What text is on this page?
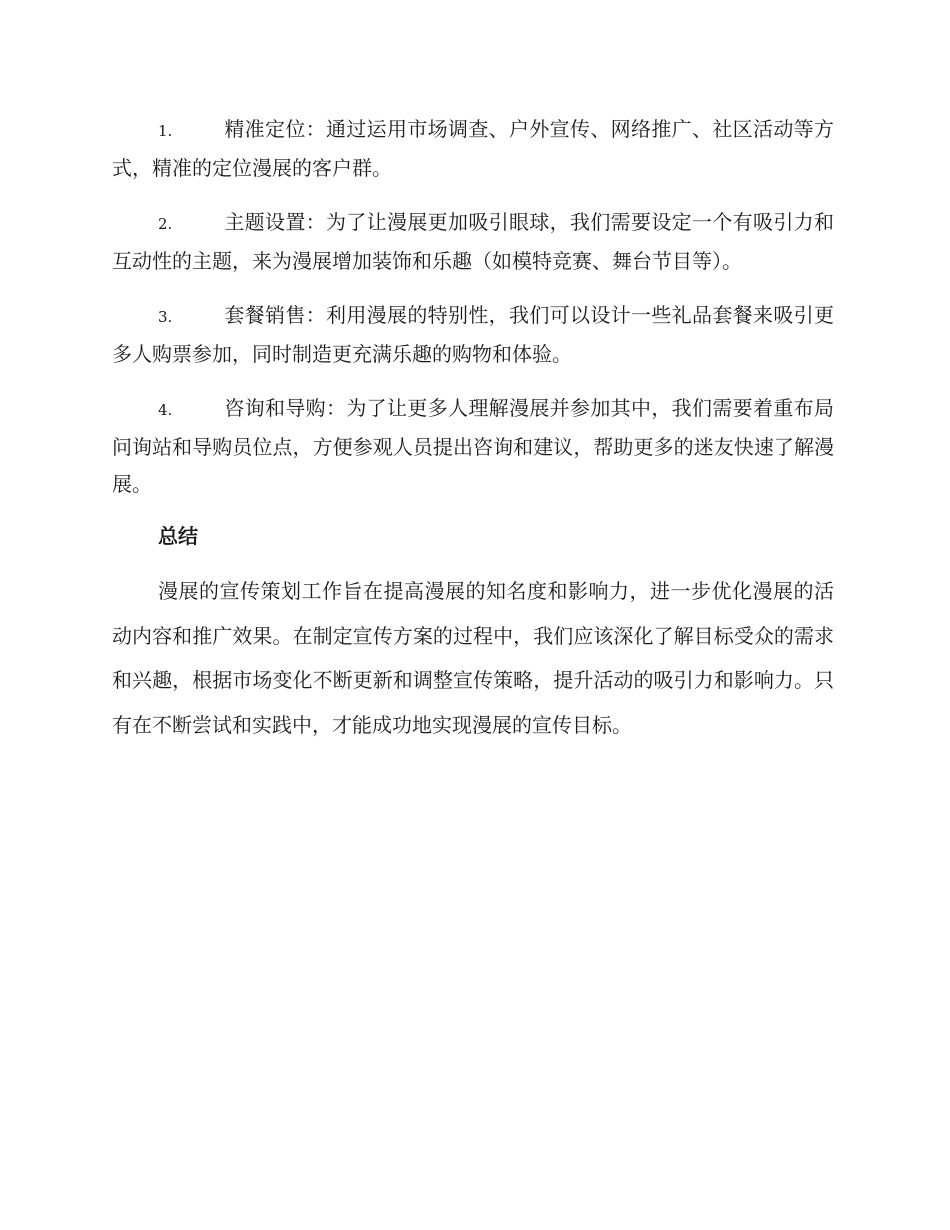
1.	精准定位：通过运用市场调查、户外宣传、网络推广、社区活动等方式，精准的定位漫展的客户群。

2.	主题设置：为了让漫展更加吸引眼球，我们需要设定一个有吸引力和互动性的主题，来为漫展增加装饰和乐趣（如模特竞赛、舞台节目等）。

3.	套餐销售：利用漫展的特别性，我们可以设计一些礼品套餐来吸引更多人购票参加，同时制造更充满乐趣的购物和体验。

4.	咨询和导购：为了让更多人理解漫展并参加其中，我们需要着重布局问询站和导购员位点，方便参观人员提出咨询和建议，帮助更多的迷友快速了解漫展。

总结

漫展的宣传策划工作旨在提高漫展的知名度和影响力，进一步优化漫展的活动内容和推广效果。在制定宣传方案的过程中，我们应该深化了解目标受众的需求和兴趣，根据市场变化不断更新和调整宣传策略，提升活动的吸引力和影响力。只有在不断尝试和实践中，才能成功地实现漫展的宣传目标。
